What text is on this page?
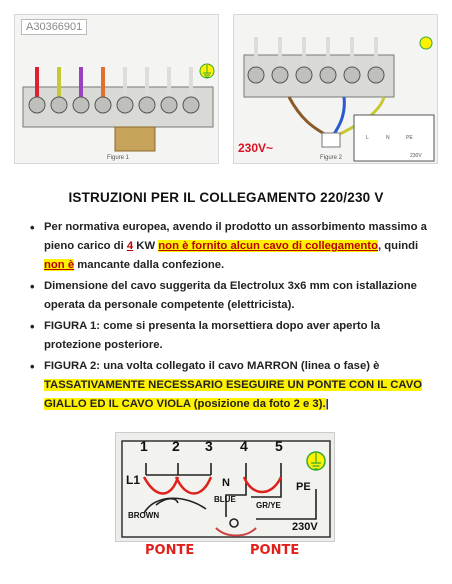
A30366901
Figure 1
230V~
Figure 2
L	N	PE
230V
ISTRUZIONI PER IL COLLEGAMENTO 220/230 V
• Per normativa europea, avendo il prodotto un assorbimento massimo a pieno carico di 4 KW non è fornito alcun cavo di collegamento, quindi non è mancante dalla confezione.
• Dimensione del cavo suggerita da Electrolux 3x6 mm con istallazione operata da personale competente (elettricista).
• FIGURA 1: come si presenta la morsettiera dopo aver aperto la protezione posteriore.
• FIGURA 2: una volta collegato il cavo MARRON (linea o fase) è TASSATIVAMENTE NECESSARIO ESEGUIRE UN PONTE CON IL CAVO GIALLO ED IL CAVO VIOLA (posizione da foto 2 e 3).|
1 2 3 4 5
L1	N	PE
BLUE
GR/YE
BROWN
230V
PONTE	PONTE
